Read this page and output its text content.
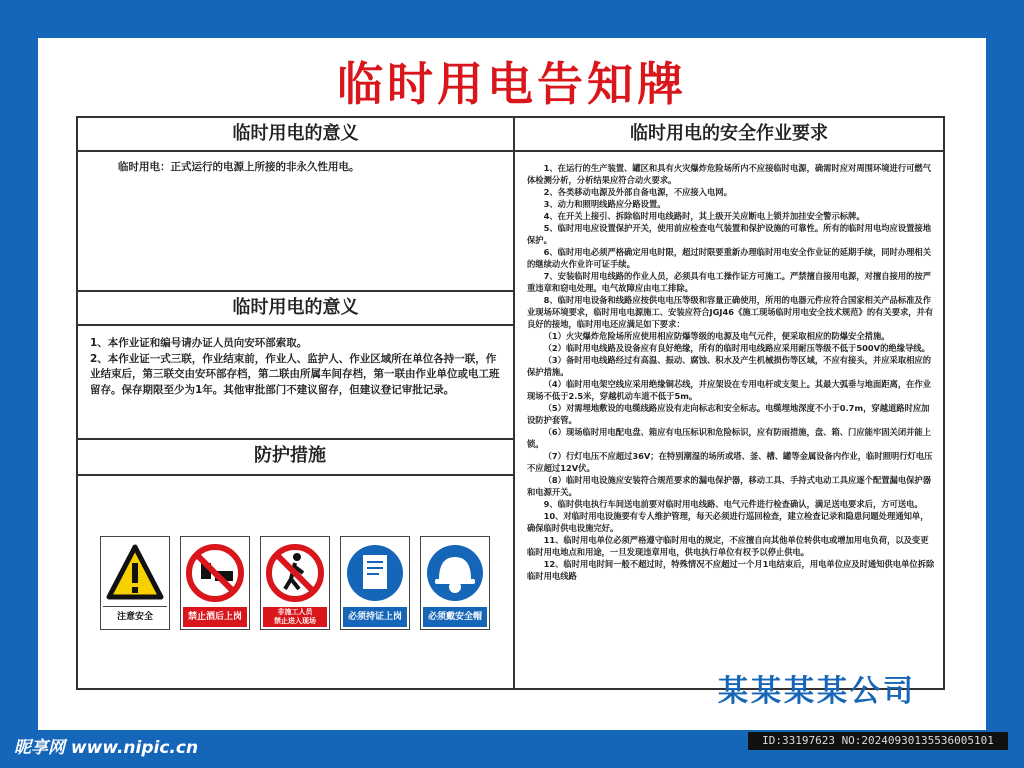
临时用电告知牌
临时用电的意义
临时用电：正式运行的电源上所接的非永久性用电。
临时用电的意义
1、本作业证和编号请办证人员向安环部索取。
2、本作业证一式三联，作业结束前，作业人、监护人、作业区域所在单位各持一联，作业结束后，第三联交由安环部存档，第二联由所属车间存档，第一联由作业单位或电工班留存。保存期限至少为1年。其他审批部门不建议留存，但建议登记审批记录。
防护措施
注意安全	禁止酒后上岗	非施工人员
禁止进入现场	必须持证上岗	必须戴安全帽
临时用电的安全作业要求

1、在运行的生产装置、罐区和具有火灾爆炸危险场所内不应接临时电源，确需时应对周围环境进行可燃气体检测分析，分析结果应符合动火要求。

2、各类移动电源及外部自备电源，不应接入电网。

3、动力和照明线路应分路设置。

4、在开关上接引、拆除临时用电线路时，其上级开关应断电上锁并加挂安全警示标牌。

5、临时用电应设置保护开关，使用前应检查电气装置和保护设施的可靠性。所有的临时用电均应设置接地保护。

6、临时用电必须严格确定用电时限，超过时限要重新办理临时用电安全作业证的延期手续，同时办理相关的继续动火作业许可证手续。

7、安装临时用电线路的作业人员，必须具有电工操作证方可施工。严禁擅自接用电源，对擅自接用的按严重违章和窃电处理。电气故障应由电工排除。

8、临时用电设备和线路应按供电电压等级和容量正确使用，所用的电器元件应符合国家相关产品标准及作业现场环境要求，临时用电电源施工、安装应符合JGJ46《施工现场临时用电安全技术规范》的有关要求，并有良好的接地，临时用电还应满足如下要求：

（1）火灾爆炸危险场所应使用相应防爆等级的电源及电气元件，便采取相应的防爆安全措施。

（2）临时用电线路及设备应有良好绝缘，所有的临时用电线路应采用耐压等级不低于500V的绝缘导线。

（3）备时用电线路经过有高温、振动、腐蚀、积水及产生机械损伤等区域，不应有接头，并应采取相应的保护措施。

（4）临时用电架空线应采用绝缘铜芯线，并应架设在专用电杆或支架上。其最大弧垂与地面距离，在作业现场不低于2.5米，穿越机动车道不低于5m。

（5）对需埋地敷设的电缆线路应设有走向标志和安全标志。电缆埋地深度不小于0.7m，穿越道路时应加设防护套管。

（6）现场临时用电配电盘、箱应有电压标识和危险标识，应有防雨措施，盘、箱、门应能牢固关闭并能上锁。

（7）行灯电压不应超过36V；在特别潮湿的场所或塔、釜、槽、罐等金属设备内作业，临时照明行灯电压不应超过12V伏。

（8）临时用电设施应安装符合规范要求的漏电保护器，移动工具、手持式电动工具应逐个配置漏电保护器和电源开关。

9、临时供电执行车间送电前要对临时用电线路、电气元件进行检查确认，满足送电要求后，方可送电。

10、对临时用电设施要有专人维护管理，每天必须进行巡回检查，建立检查记录和隐患问题处理通知单，确保临时供电设施完好。

11、临时用电单位必须严格遵守临时用电的规定，不应擅自向其他单位转供电或增加用电负荷，以及变更临时用电地点和用途，一旦发现违章用电，供电执行单位有权予以停止供电。

12、临时用电时间一般不超过时，特殊情况不应超过一个月1电结束后，用电单位应及时通知供电单位拆除临时用电线路

某某某某公司
昵享网 www.nipic.cn	ID:33197623 NO:20240930135536005101
